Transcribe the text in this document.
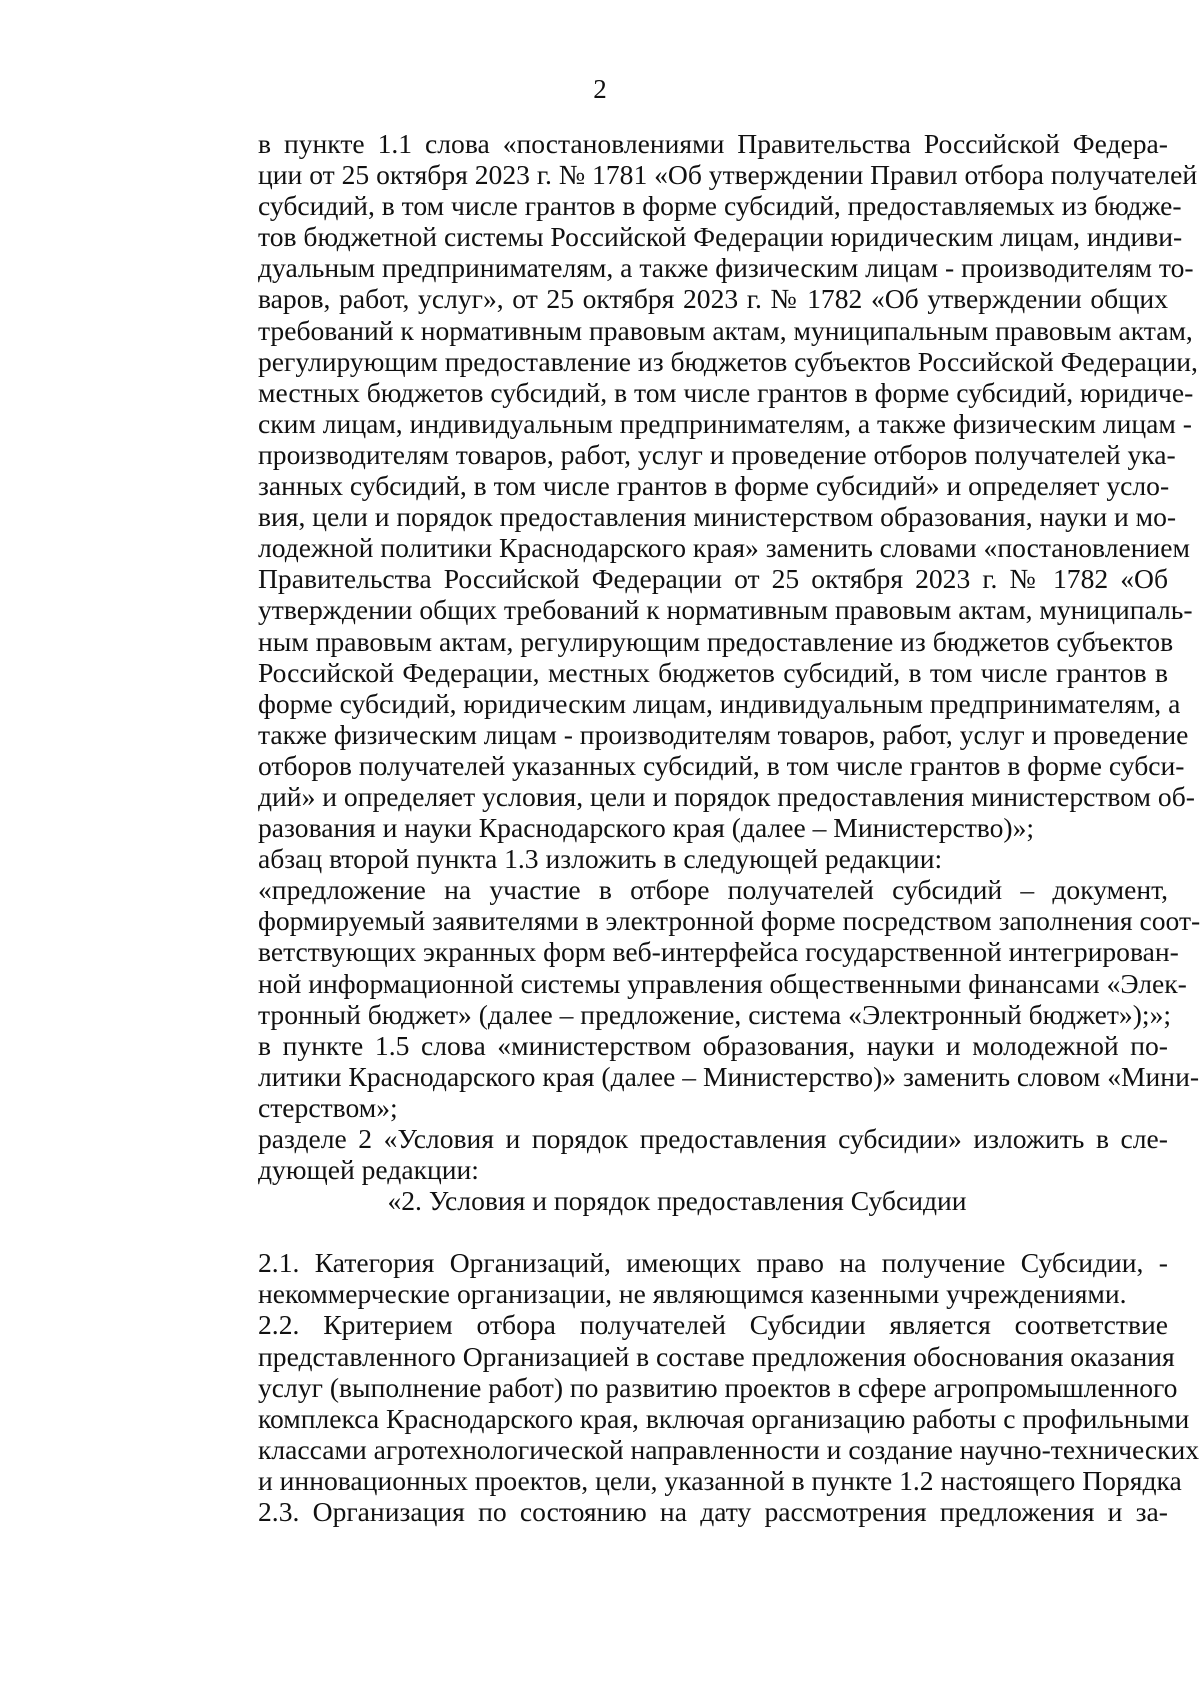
2
в пункте 1.1 слова «постановлениями Правительства Российской Федера-
ции от 25 октября 2023 г. № 1781 «Об утверждении Правил отбора получателей
субсидий, в том числе грантов в форме субсидий, предоставляемых из бюдже-
тов бюджетной системы Российской Федерации юридическим лицам, индиви-
дуальным предпринимателям, а также физическим лицам - производителям то-
варов, работ, услуг», от 25 октября 2023 г. № 1782 «Об утверждении общих
требований к нормативным правовым актам, муниципальным правовым актам,
регулирующим предоставление из бюджетов субъектов Российской Федерации,
местных бюджетов субсидий, в том числе грантов в форме субсидий, юридиче-
ским лицам, индивидуальным предпринимателям, а также физическим лицам -
производителям товаров, работ, услуг и проведение отборов получателей ука-
занных субсидий, в том числе грантов в форме субсидий» и определяет усло-
вия, цели и порядок предоставления министерством образования, науки и мо-
лодежной политики Краснодарского края» заменить словами «постановлением
Правительства Российской Федерации от 25 октября 2023 г. № 1782 «Об
утверждении общих требований к нормативным правовым актам, муниципаль-
ным правовым актам, регулирующим предоставление из бюджетов субъектов
Российской Федерации, местных бюджетов субсидий, в том числе грантов в
форме субсидий, юридическим лицам, индивидуальным предпринимателям, а
также физическим лицам - производителям товаров, работ, услуг и проведение
отборов получателей указанных субсидий, в том числе грантов в форме субси-
дий» и определяет условия, цели и порядок предоставления министерством об-
разования и науки Краснодарского края (далее – Министерство)»;
абзац второй пункта 1.3 изложить в следующей редакции:
«предложение на участие в отборе получателей субсидий – документ,
формируемый заявителями в электронной форме посредством заполнения соот-
ветствующих экранных форм веб-интерфейса государственной интегрирован-
ной информационной системы управления общественными финансами «Элек-
тронный бюджет» (далее – предложение, система «Электронный бюджет»);»;
в пункте 1.5 слова «министерством образования, науки и молодежной по-
литики Краснодарского края (далее – Министерство)» заменить словом «Мини-
стерством»;
разделе 2 «Условия и порядок предоставления субсидии» изложить в сле-
дующей редакции:
«2. Условия и порядок предоставления Субсидии
2.1. Категория Организаций, имеющих право на получение Субсидии, -
некоммерческие организации, не являющимся казенными учреждениями.
2.2. Критерием отбора получателей Субсидии является соответствие
представленного Организацией в составе предложения обоснования оказания
услуг (выполнение работ) по развитию проектов в сфере агропромышленного
комплекса Краснодарского края, включая организацию работы с профильными
классами агротехнологической направленности и создание научно-технических
и инновационных проектов, цели, указанной в пункте 1.2 настоящего Порядка
2.3. Организация по состоянию на дату рассмотрения предложения и за-
